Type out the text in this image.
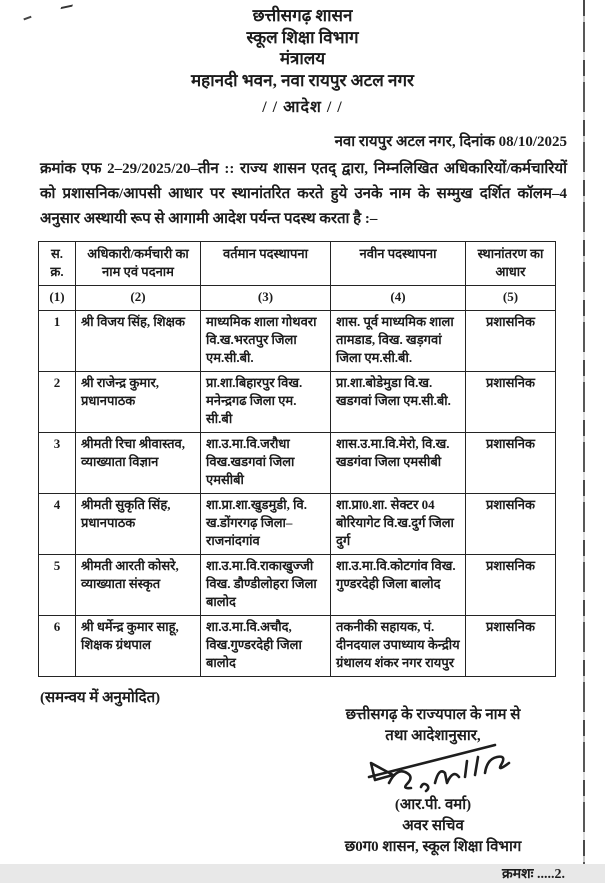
छत्तीसगढ़ शासन
स्कूल शिक्षा विभाग
मंत्रालय
महानदी भवन, नवा रायपुर अटल नगर
/ / आदेश / /
नवा रायपुर अटल नगर, दिनांक 08/10/2025
क्रमांक एफ 2–29/2025/20–तीन :: राज्य शासन एतद् द्वारा, निम्नलिखित अधिकारियों/कर्मचारियों को प्रशासनिक/आपसी आधार पर स्थानांतरित करते हुये उनके नाम के सम्मुख दर्शित कॉलम–4 अनुसार अस्थायी रूप से आगामी आदेश पर्यन्त पदस्थ करता है :–
स. क्र.	अधिकारी/कर्मचारी का नाम एवं पदनाम	वर्तमान पदस्थापना	नवीन पदस्थापना	स्थानांतरण का आधार
(1)	(2)	(3)	(4)	(5)
1	श्री विजय सिंह, शिक्षक	माध्यमिक शाला गोथवरा वि.ख.भरतपुर जिला एम.सी.बी.	शास. पूर्व माध्यमिक शाला तामडाड, विख. खड़गवां जिला एम.सी.बी.	प्रशासनिक
2	श्री राजेन्द्र कुमार, प्रधानपाठक	प्रा.शा.बिहारपुर विख. मनेन्द्रगढ जिला एम. सी.बी	प्रा.शा.बोडेमुडा वि.ख. खडगवां जिला एम.सी.बी.	प्रशासनिक
3	श्रीमती रिचा श्रीवास्तव, व्याख्याता विज्ञान	शा.उ.मा.वि.जरौधा विख.खडगवां जिला एमसीबी	शास.उ.मा.वि.मेरो, वि.ख. खडगंवा जिला एमसीबी	प्रशासनिक
4	श्रीमती सुकृति सिंह, प्रधानपाठक	शा.प्रा.शा.खुडमुडी, वि. ख.डोंगरगढ़ जिला–राजनांदगांव	शा.प्रा0.शा. सेक्टर 04 बोरियागेट वि.ख.दुर्ग जिला दुर्ग	प्रशासनिक
5	श्रीमती आरती कोसरे, व्याख्याता संस्कृत	शा.उ.मा.वि.राकाखुज्जी विख. डौण्डीलोहरा जिला बालोद	शा.उ.मा.वि.कोटगांव विख. गुण्डरदेही जिला बालोद	प्रशासनिक
6	श्री धर्मेन्द्र कुमार साहू, शिक्षक ग्रंथपाल	शा.उ.मा.वि.अचौद, विख.गुण्डरदेही जिला बालोद	तकनीकी सहायक, पं. दीनदयाल उपाध्याय केन्द्रीय ग्रंथालय शंकर नगर रायपुर	प्रशासनिक
(समन्वय में अनुमोदित)
छत्तीसगढ़ के राज्यपाल के नाम से
तथा आदेशानुसार,
(आर.पी. वर्मा)
अवर सचिव
छ0ग0 शासन, स्कूल शिक्षा विभाग
क्रमशः .....2.
